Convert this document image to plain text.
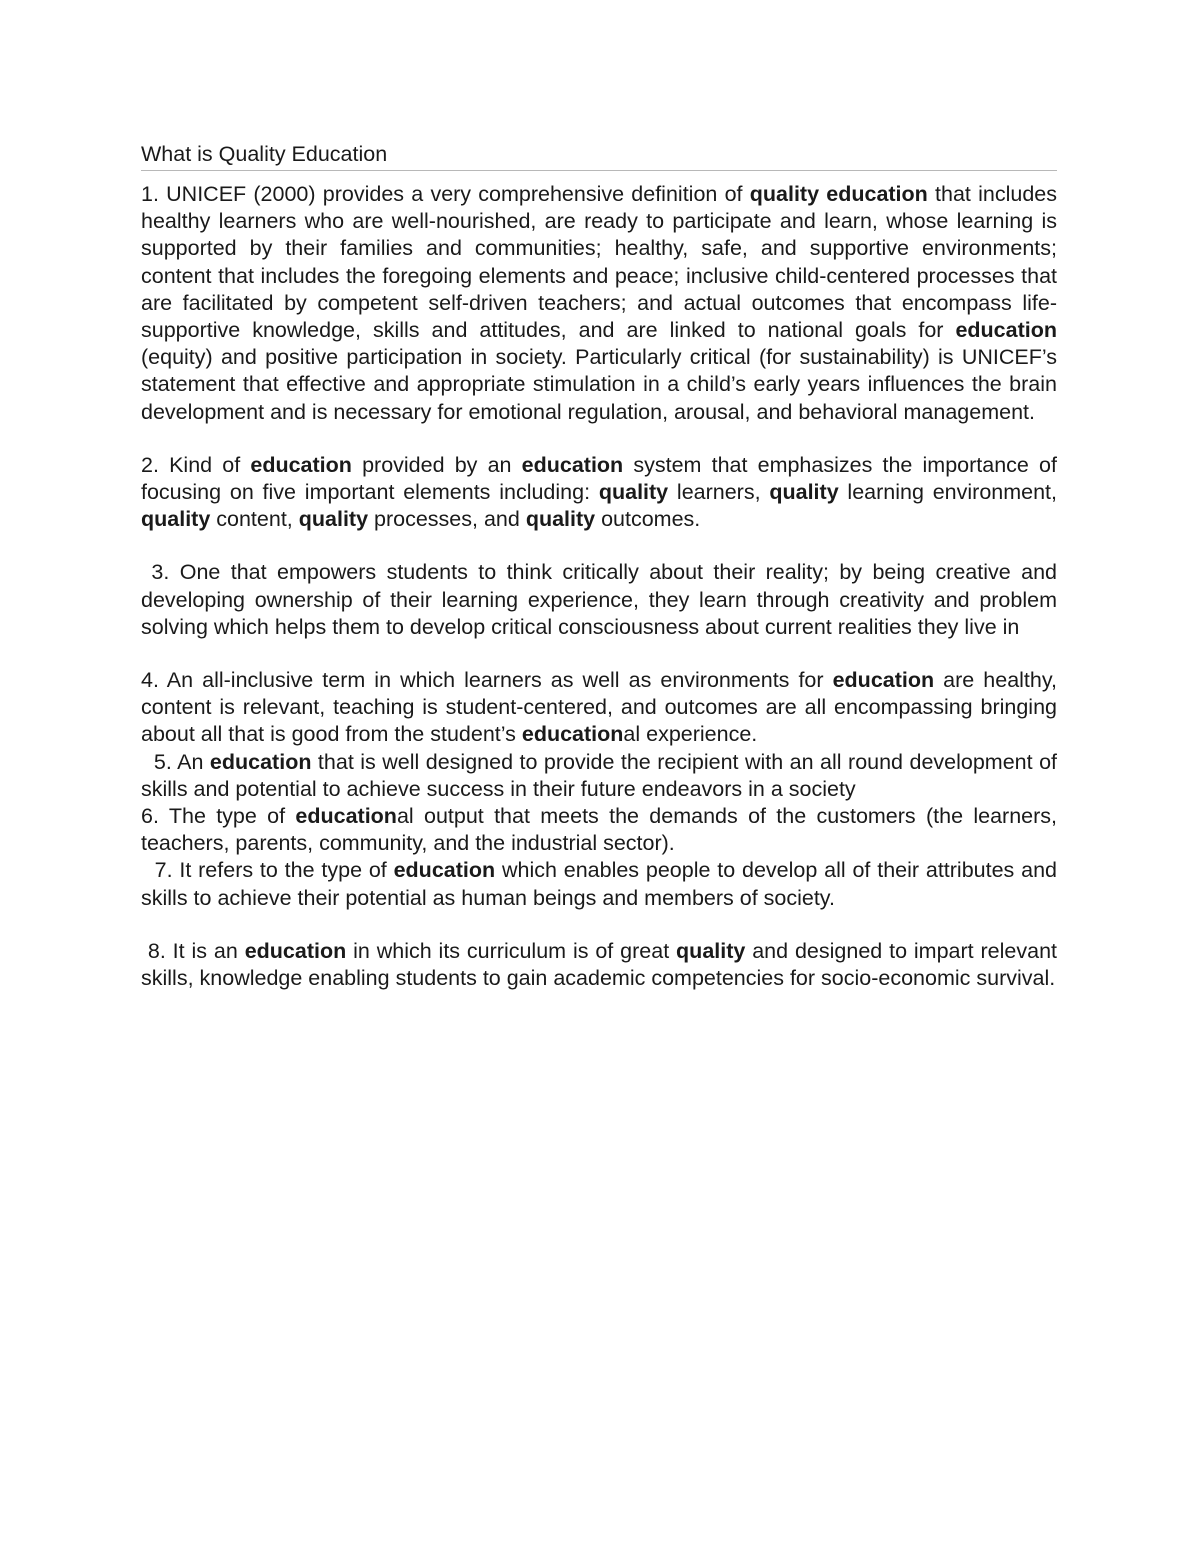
What is Quality Education

1. UNICEF (2000) provides a very comprehensive definition of quality education that includes healthy learners who are well-nourished, are ready to participate and learn, whose learning is supported by their families and communities; healthy, safe, and supportive environments; content that includes the foregoing elements and peace; inclusive child-centered processes that are facilitated by competent self-driven teachers; and actual outcomes that encompass life-supportive knowledge, skills and attitudes, and are linked to national goals for education (equity) and positive participation in society. Particularly critical (for sustainability) is UNICEF’s statement that effective and appropriate stimulation in a child’s early years influences the brain development and is necessary for emotional regulation, arousal, and behavioral management.

2. Kind of education provided by an education system that emphasizes the importance of focusing on five important elements including: quality learners, quality learning environment, quality content, quality processes, and quality outcomes.

3. One that empowers students to think critically about their reality; by being creative and developing ownership of their learning experience, they learn through creativity and problem solving which helps them to develop critical consciousness about current realities they live in

4. An all-inclusive term in which learners as well as environments for education are healthy, content is relevant, teaching is student-centered, and outcomes are all encompassing bringing about all that is good from the student’s educational experience.

5. An education that is well designed to provide the recipient with an all round development of skills and potential to achieve success in their future endeavors in a society

6. The type of educational output that meets the demands of the customers (the learners, teachers, parents, community, and the industrial sector).

7. It refers to the type of education which enables people to develop all of their attributes and skills to achieve their potential as human beings and members of society.

8. It is an education in which its curriculum is of great quality and designed to impart relevant skills, knowledge enabling students to gain academic competencies for socio-economic survival.
